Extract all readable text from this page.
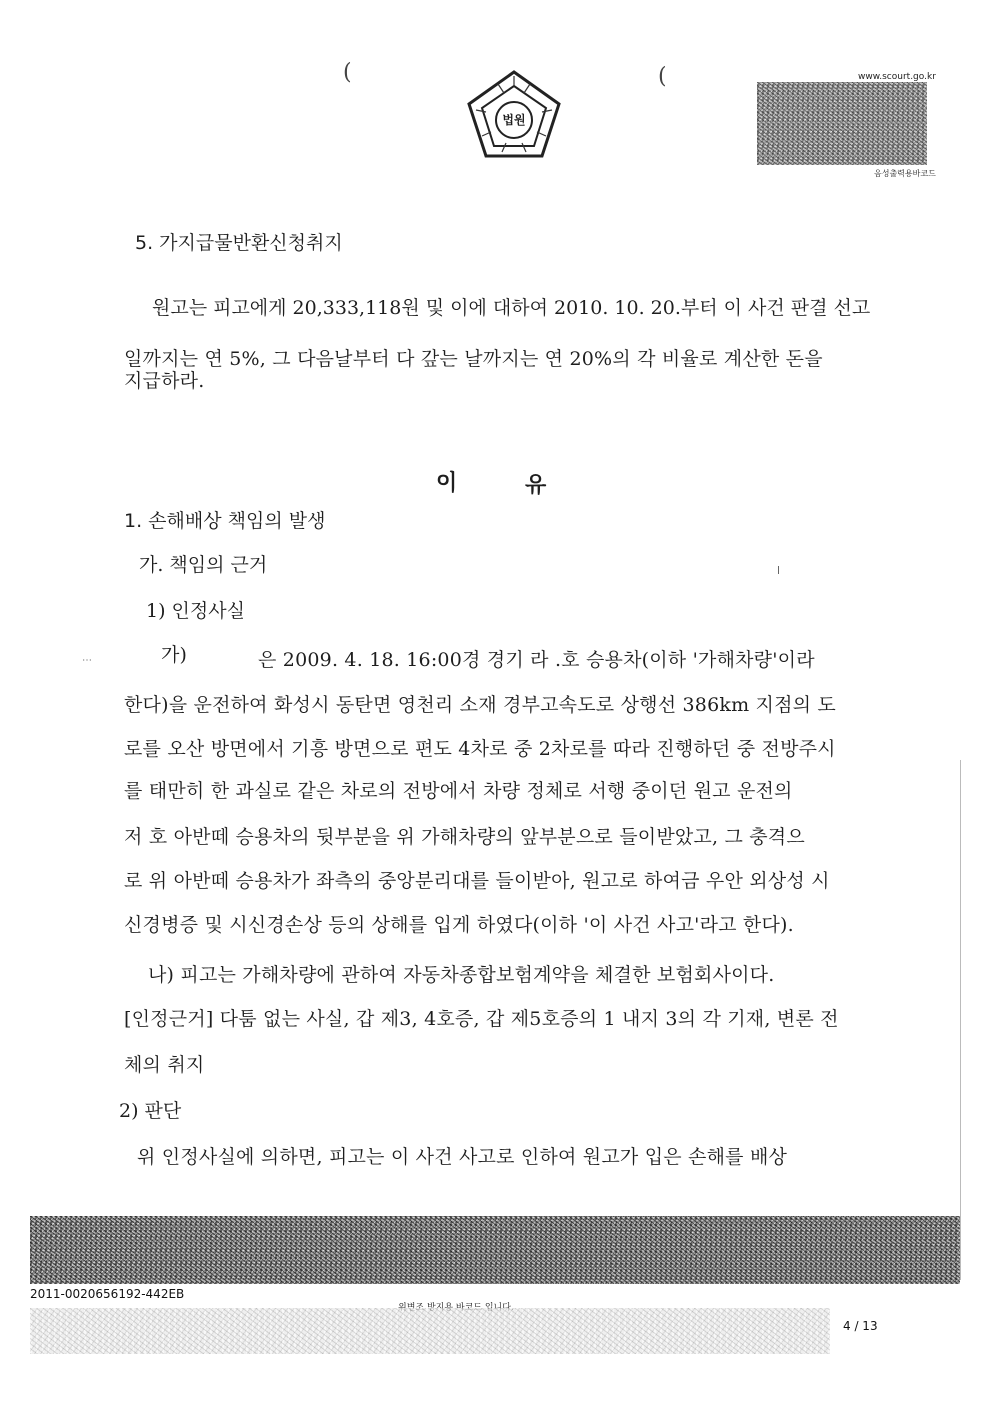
법원
(	(	www.scourt.go.kr
음성출력용바코드
5. 가지급물반환신청취지
원고는 피고에게 20,333,118원 및 이에 대하여 2010. 10. 20.부터 이 사건 판결 선고
일까지는 연 5%, 그 다음날부터 다 갚는 날까지는 연 20%의 각 비율로 계산한 돈을
지급하라.
이	유
1. 손해배상 책임의 발생
가. 책임의 근거
1) 인정사실
가)	은 2009. 4. 18. 16:00경 경기 라 .호 승용차(이하 '가해차량'이라
한다)을 운전하여 화성시 동탄면 영천리 소재 경부고속도로 상행선 386km 지점의 도
로를 오산 방면에서 기흥 방면으로 편도 4차로 중 2차로를 따라 진행하던 중 전방주시
를 태만히 한 과실로 같은 차로의 전방에서 차량 정체로 서행 중이던 원고 운전의
저 호 아반떼 승용차의 뒷부분을 위 가해차량의 앞부분으로 들이받았고, 그 충격으
로 위 아반떼 승용차가 좌측의 중앙분리대를 들이받아, 원고로 하여금 우안 외상성 시
신경병증 및 시신경손상 등의 상해를 입게 하였다(이하 '이 사건 사고'라고 한다).
나) 피고는 가해차량에 관하여 자동차종합보험계약을 체결한 보험회사이다.
[인정근거] 다툼 없는 사실, 갑 제3, 4호증, 갑 제5호증의 1 내지 3의 각 기재, 변론 전
체의 취지
2) 판단
위 인정사실에 의하면, 피고는 이 사건 사고로 인하여 원고가 입은 손해를 배상
⋯
2011-0020656192-442EB
4 / 13
